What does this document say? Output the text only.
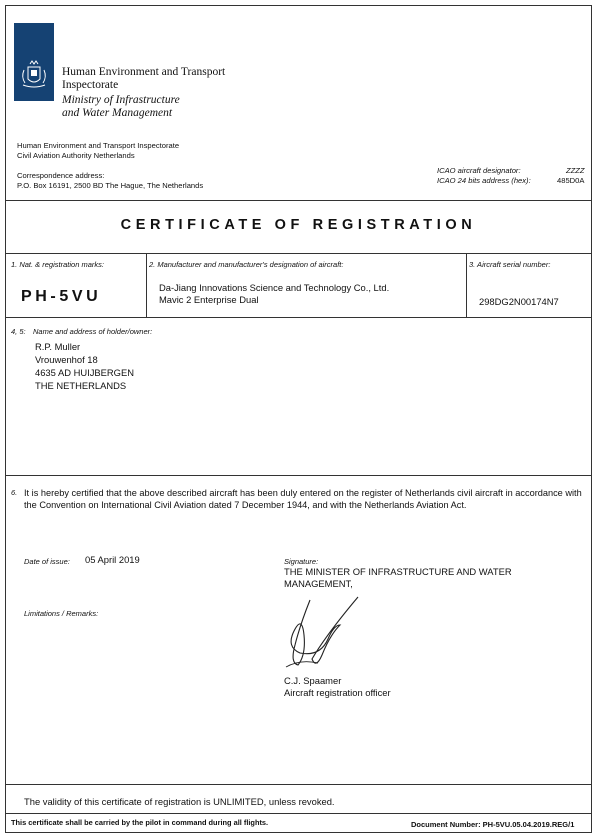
Human Environment and Transport
Inspectorate
Ministry of Infrastructure
and Water Management
Human Environment and Transport Inspectorate
Civil Aviation Authority Netherlands
Correspondence address:
P.O. Box 16191, 2500 BD The Hague, The Netherlands
ICAO aircraft designator:	ZZZZ
ICAO 24 bits address (hex):	485D0A
CERTIFICATE OF REGISTRATION
1. Nat. & registration marks:
PH-5VU
2. Manufacturer and manufacturer's designation of aircraft:
Da-Jiang Innovations Science and Technology Co., Ltd.
Mavic 2 Enterprise Dual
3. Aircraft serial number:
298DG2N00174N7
4, 5: Name and address of holder/owner:
R.P. Muller
Vrouwenhof 18
4635 AD HUIJBERGEN
THE NETHERLANDS
6. It is hereby certified that the above described aircraft has been duly entered on the register of Netherlands civil aircraft in accordance with the Convention on International Civil Aviation dated 7 December 1944, and with the Netherlands Aviation Act.
Date of issue: 05 April 2019	Signature:
THE MINISTER OF INFRASTRUCTURE AND WATER
MANAGEMENT,
Limitations / Remarks:
C.J. Spaamer
Aircraft registration officer
The validity of this certificate of registration is UNLIMITED, unless revoked.
This certificate shall be carried by the pilot in command during all flights.	Document Number: PH-5VU.05.04.2019.REG/1
